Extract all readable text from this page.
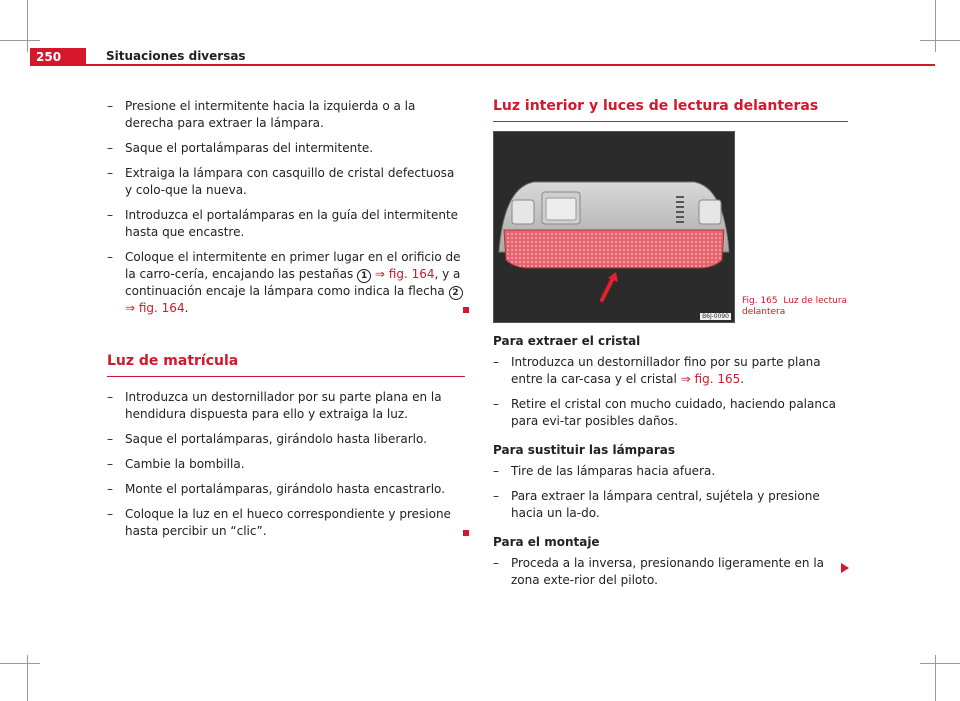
250	Situaciones diversas
– Presione el intermitente hacia la izquierda o a la derecha para extraer la lámpara.
– Saque el portalámparas del intermitente.
– Extraiga la lámpara con casquillo de cristal defectuosa y colo-que la nueva.
– Introduzca el portalámparas en la guía del intermitente hasta que encastre.
– Coloque el intermitente en primer lugar en el orificio de la carro-cería, encajando las pestañas 1 ⇒ fig. 164, y a continuación encaje la lámpara como indica la flecha 2 ⇒ fig. 164.
Luz de matrícula
– Introduzca un destornillador por su parte plana en la hendidura dispuesta para ello y extraiga la luz.
– Saque el portalámparas, girándolo hasta liberarlo.
– Cambie la bombilla.
– Monte el portalámparas, girándolo hasta encastrarlo.
– Coloque la luz en el hueco correspondiente y presione hasta percibir un “clic”.
Luz interior y luces de lectura delanteras
B6J-0090
Fig. 165 Luz de lectura delantera
Para extraer el cristal
– Introduzca un destornillador fino por su parte plana entre la car-casa y el cristal ⇒ fig. 165.
– Retire el cristal con mucho cuidado, haciendo palanca para evi-tar posibles daños.
Para sustituir las lámparas
– Tire de las lámparas hacia afuera.
– Para extraer la lámpara central, sujétela y presione hacia un la-do.
Para el montaje
– Proceda a la inversa, presionando ligeramente en la zona exte-rior del piloto.
